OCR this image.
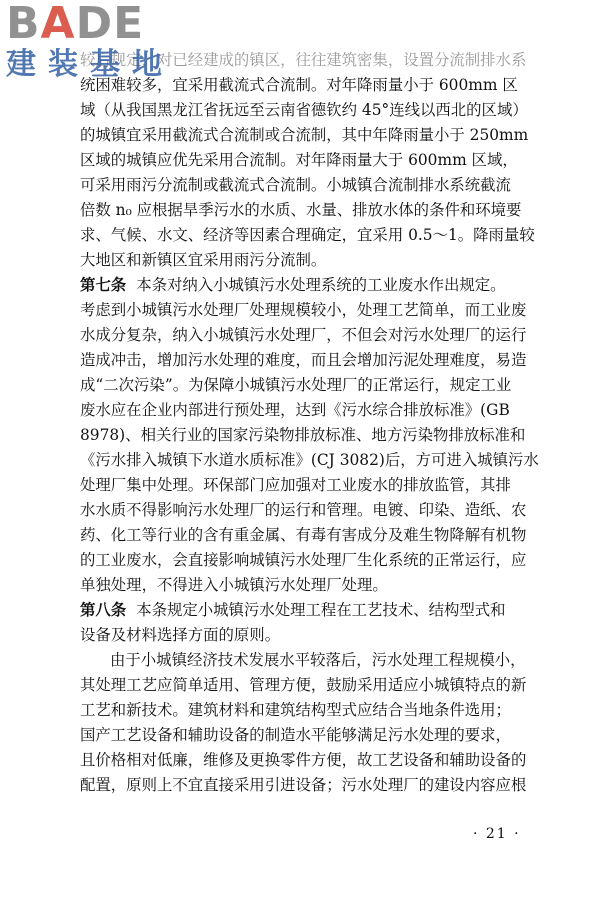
BADE
建装基地
较后规定，对已经建成的镇区，往往建筑密集，设置分流制排水系
统困难较多，宜采用截流式合流制。对年降雨量小于 600mm 区
域（从我国黑龙江省抚远至云南省德钦约 45°连线以西北的区域）
的城镇宜采用截流式合流制或合流制，其中年降雨量小于 250mm
区域的城镇应优先采用合流制。对年降雨量大于 600mm 区域，
可采用雨污分流制或截流式合流制。小城镇合流制排水系统截流
倍数 n₀ 应根据旱季污水的水质、水量、排放水体的条件和环境要
求、气候、水文、经济等因素合理确定，宜采用 0.5～1。降雨量较
大地区和新镇区宜采用雨污分流制。
第七条 本条对纳入小城镇污水处理系统的工业废水作出规定。
考虑到小城镇污水处理厂处理规模较小，处理工艺简单，而工业废
水成分复杂，纳入小城镇污水处理厂，不但会对污水处理厂的运行
造成冲击，增加污水处理的难度，而且会增加污泥处理难度，易造
成“二次污染”。为保障小城镇污水处理厂的正常运行，规定工业
废水应在企业内部进行预处理，达到《污水综合排放标准》(GB
8978)、相关行业的国家污染物排放标准、地方污染物排放标准和
《污水排入城镇下水道水质标准》(CJ 3082)后，方可进入城镇污水
处理厂集中处理。环保部门应加强对工业废水的排放监管，其排
水水质不得影响污水处理厂的运行和管理。电镀、印染、造纸、农
药、化工等行业的含有重金属、有毒有害成分及难生物降解有机物
的工业废水，会直接影响城镇污水处理厂生化系统的正常运行，应
单独处理，不得进入小城镇污水处理厂处理。
第八条 本条规定小城镇污水处理工程在工艺技术、结构型式和
设备及材料选择方面的原则。
由于小城镇经济技术发展水平较落后，污水处理工程规模小，
其处理工艺应简单适用、管理方便，鼓励采用适应小城镇特点的新
工艺和新技术。建筑材料和建筑结构型式应结合当地条件选用；
国产工艺设备和辅助设备的制造水平能够满足污水处理的要求，
且价格相对低廉，维修及更换零件方便，故工艺设备和辅助设备的
配置，原则上不宜直接采用引进设备；污水处理厂的建设内容应根
· 21 ·
